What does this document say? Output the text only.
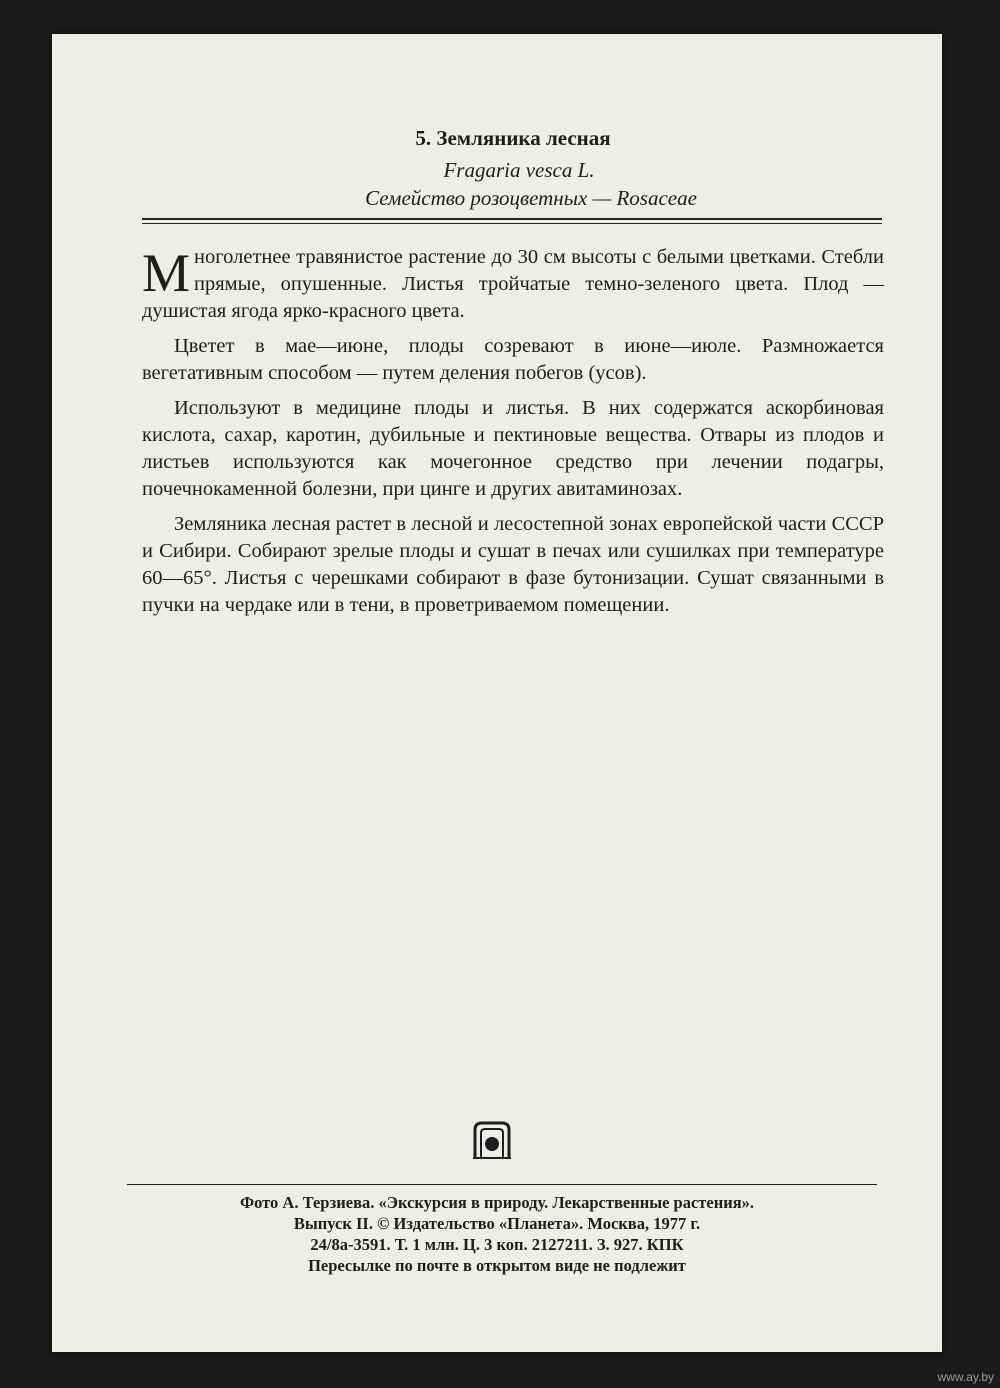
5. Земляника лесная
Fragaria vesca L.
Семейство розоцветных — Rosaceae

Многолетнее травянистое растение до 30 см высоты с белыми цветками. Стебли прямые, опушенные. Листья тройчатые темно-зеленого цвета. Плод — душистая ягода ярко-красного цвета.

Цветет в мае—июне, плоды созревают в июне—июле. Размножается вегетативным способом — путем деления побегов (усов).

Используют в медицине плоды и листья. В них содержатся аскорбиновая кислота, сахар, каротин, дубильные и пектиновые вещества. Отвары из плодов и листьев используются как мочегонное средство при лечении подагры, почечнокаменной болезни, при цинге и других авитаминозах.

Земляника лесная растет в лесной и лесостепной зонах европейской части СССР и Сибири. Собирают зрелые плоды и сушат в печах или сушилках при температуре 60—65°. Листья с черешками собирают в фазе бутонизации. Сушат связанными в пучки на чердаке или в тени, в проветриваемом помещении.

Фото А. Терзиева. «Экскурсия в природу. Лекарственные растения».
Выпуск II. © Издательство «Планета». Москва, 1977 г.
24/8а-3591. Т. 1 млн. Ц. 3 коп. 2127211. З. 927. КПК
Пересылке по почте в открытом виде не подлежит
www.ay.by
